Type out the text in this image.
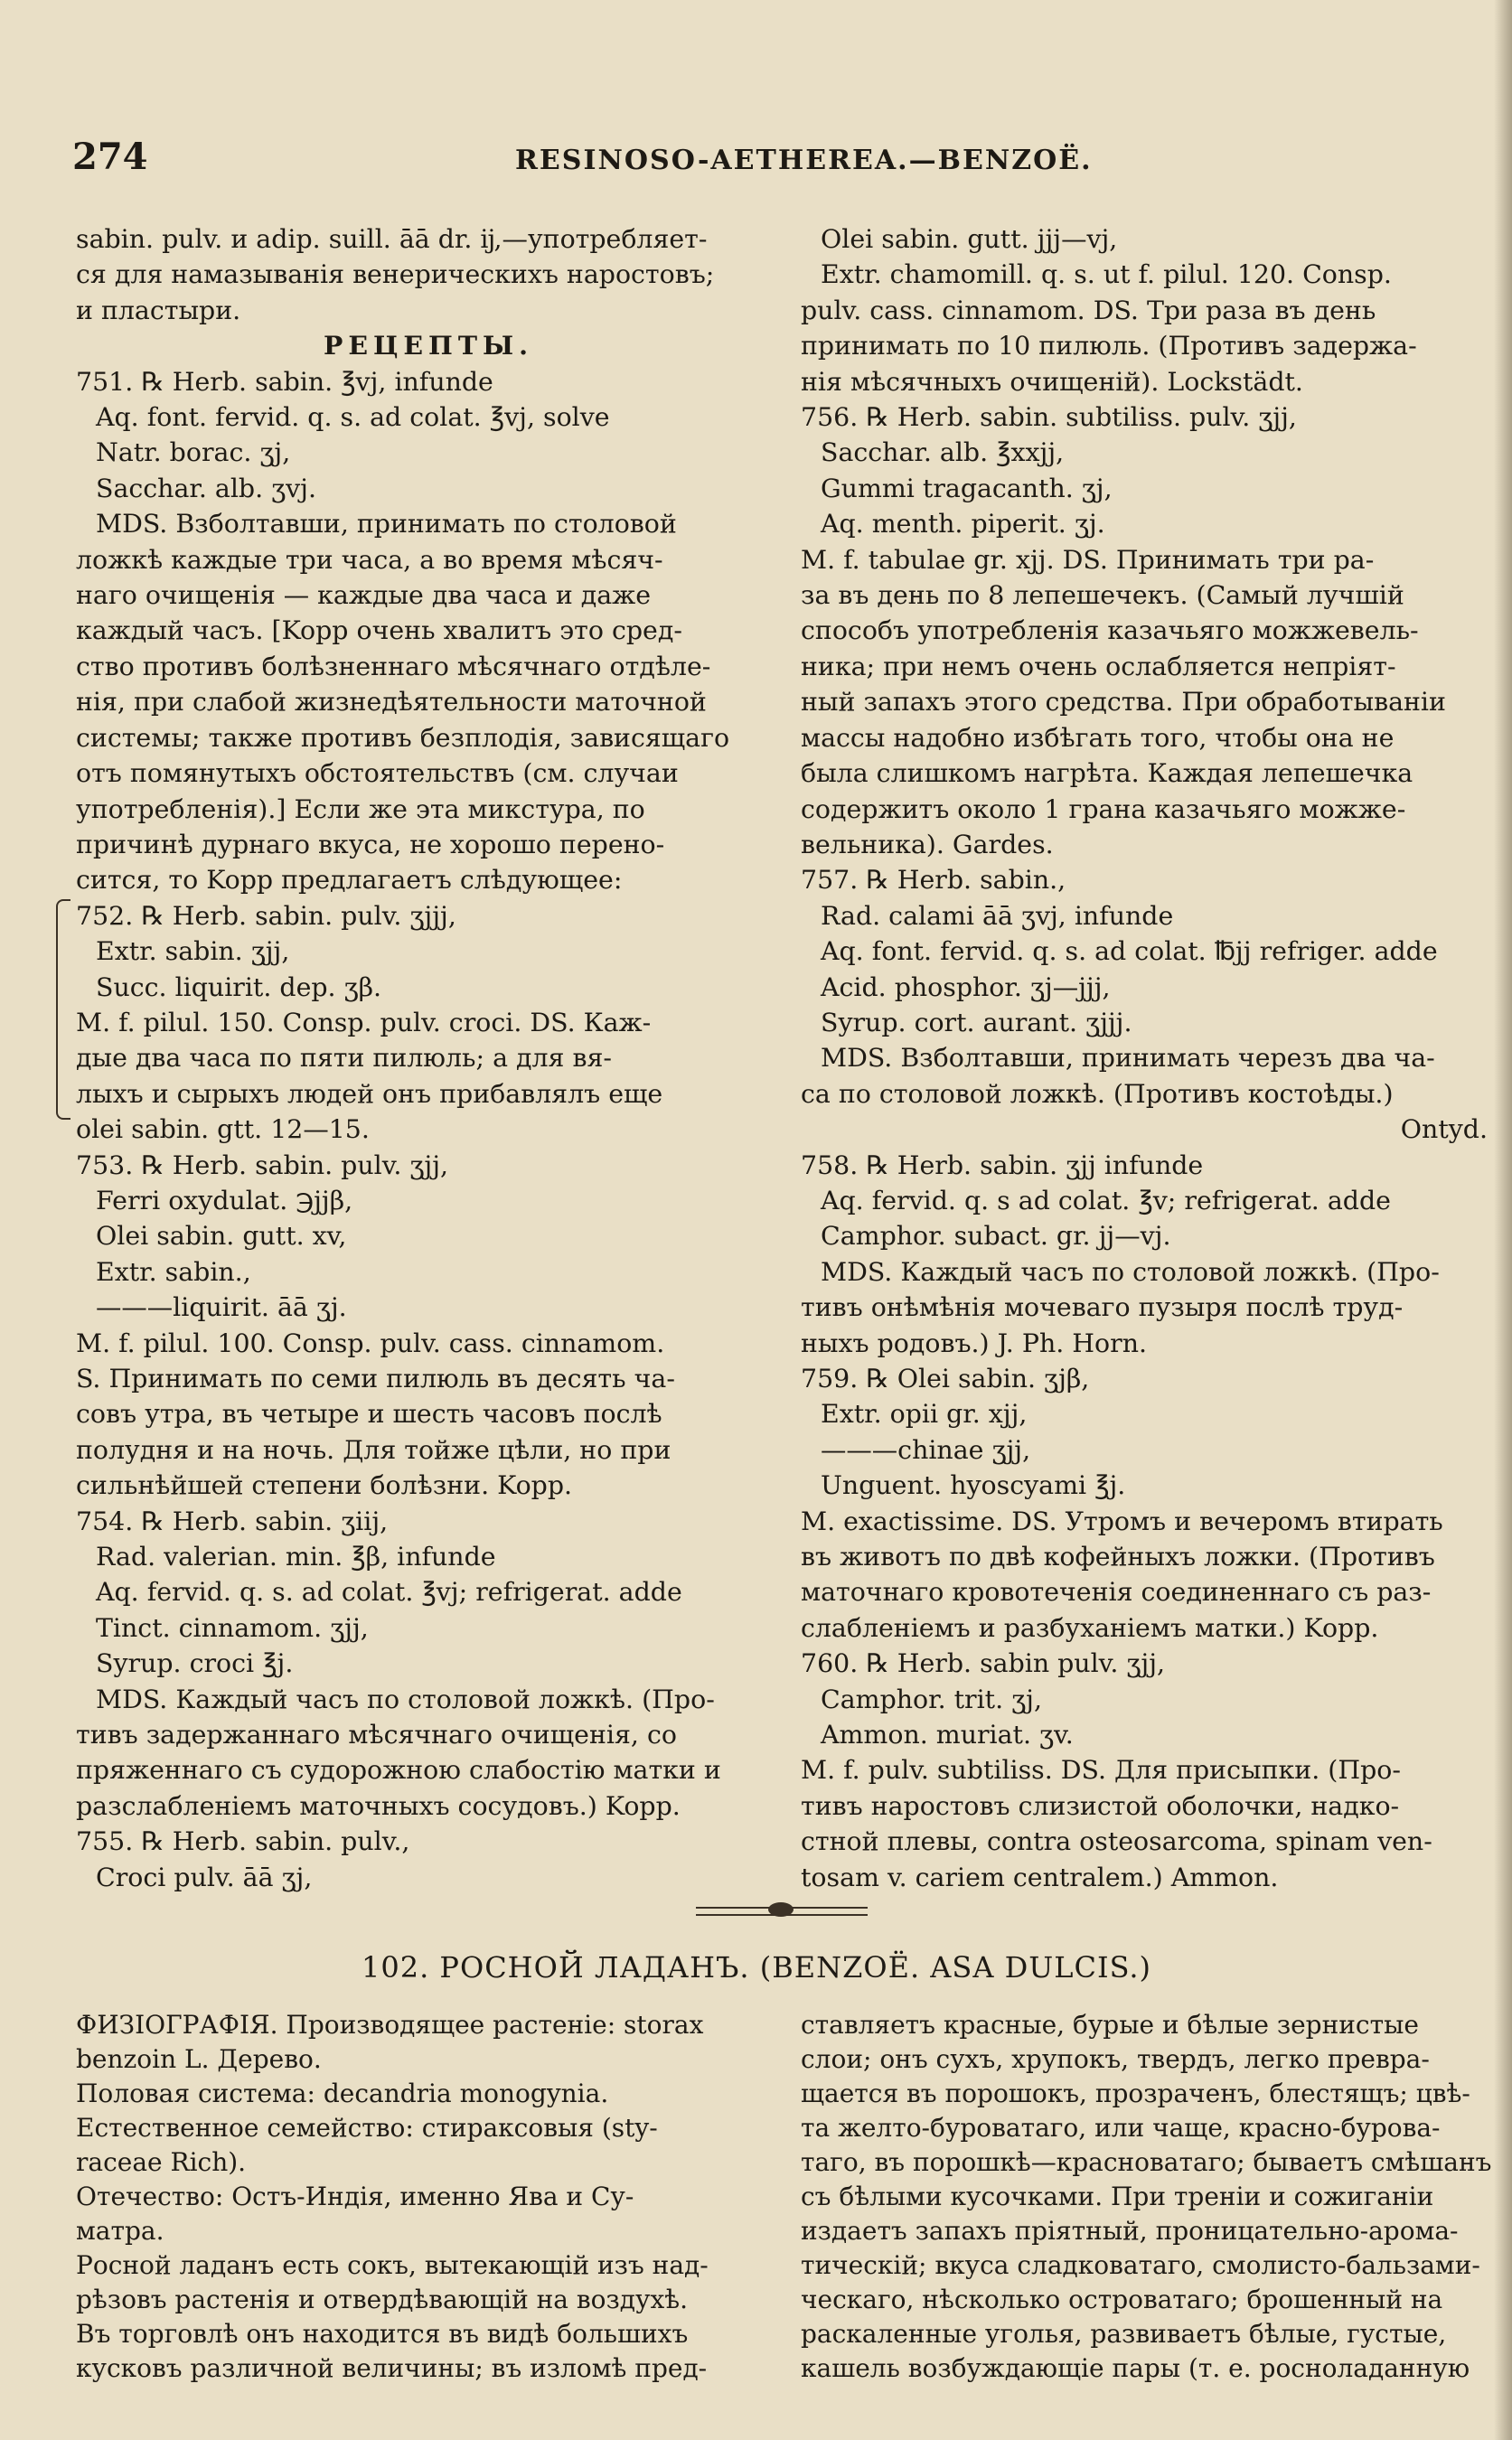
274	RESINOSO-AETHEREA.—BENZOË.

sabin. pulv. и adip. suill. āā dr. ĳ,—употребляет-

ся для намазыванія венерическихъ наростовъ;

и пластыри.

РЕЦЕПТЫ.

751. ℞ Herb. sabin. ℥vj, infunde

Aq. font. fervid. q. s. ad colat. ℥vj, solve

Natr. borac. ʒj,

Sacchar. alb. ʒvj.

MDS. Взболтавши, принимать по столовой

ложкѣ каждые три часа, а во время мѣсяч-

наго очищенія — каждые два часа и даже

каждый часъ. [Kopp очень хвалитъ это сред-

ство противъ болѣзненнаго мѣсячнаго отдѣле-

нія, при слабой жизнедѣятельности маточной

системы; также противъ безплодія, зависящаго

отъ помянутыхъ обстоятельствъ (см. случаи

употребленія).] Если же эта микстура, по

причинѣ дурнаго вкуса, не хорошо перено-

сится, то Kopp предлагаетъ слѣдующее:

752. ℞ Herb. sabin. pulv. ʒjjj,

Extr. sabin. ʒjj,

Succ. liquirit. dep. ʒβ.

M. f. pilul. 150. Consp. pulv. croci. DS. Каж-

дые два часа по пяти пилюль; а для вя-

лыхъ и сырыхъ людей онъ прибавлялъ еще

olei sabin. gtt. 12—15.

753. ℞ Herb. sabin. pulv. ʒjj,

Ferri oxydulat. ℈jjβ,

Olei sabin. gutt. xv,

Extr. sabin.,

———liquirit. āā ʒj.

M. f. pilul. 100. Consp. pulv. cass. cinnamom.

S. Принимать по семи пилюль въ десять ча-

совъ утра, въ четыре и шесть часовъ послѣ

полудня и на ночь. Для тойже цѣли, но при

сильнѣйшей степени болѣзни. Kopp.

754. ℞ Herb. sabin. ʒiij,

Rad. valerian. min. ℥β, infunde

Aq. fervid. q. s. ad colat. ℥vj; refrigerat. adde

Tinct. cinnamom. ʒjj,

Syrup. croci ℥j.

MDS. Каждый часъ по столовой ложкѣ. (Про-

тивъ задержаннаго мѣсячнаго очищенія, со

пряженнаго съ судорожною слабостію матки и

разслабленіемъ маточныхъ сосудовъ.) Kopp.

755. ℞ Herb. sabin. pulv.,

Croci pulv. āā ʒj,

Olei sabin. gutt. jjj—vj,

Extr. chamomill. q. s. ut f. pilul. 120. Consp.

pulv. cass. cinnamom. DS. Три раза въ день

принимать по 10 пилюль. (Противъ задержа-

нія мѣсячныхъ очищеній). Lockstädt.

756. ℞ Herb. sabin. subtiliss. pulv. ʒjj,

Sacchar. alb. ℥xxjj,

Gummi tragacanth. ʒj,

Aq. menth. piperit. ʒj.

M. f. tabulae gr. xjj. DS. Принимать три ра-

за въ день по 8 лепешечекъ. (Самый лучшій

способъ употребленія казачьяго можжевель-

ника; при немъ очень ослабляется непріят-

ный запахъ этого средства. При обработываніи

массы надобно избѣгать того, чтобы она не

была слишкомъ нагрѣта. Каждая лепешечка

содержитъ около 1 грана казачьяго можже-

вельника). Gardes.

757. ℞ Herb. sabin.,

Rad. calami āā ʒvj, infunde

Aq. font. fervid. q. s. ad colat. ℔jj refriger. adde

Acid. phosphor. ʒj—jjj,

Syrup. cort. aurant. ʒjjj.

MDS. Взболтавши, принимать черезъ два ча-

са по столовой ложкѣ. (Противъ костоѣды.)

Ontyd.

758. ℞ Herb. sabin. ʒjj infunde

Aq. fervid. q. s ad colat. ℥v; refrigerat. adde

Camphor. subact. gr. jj—vj.

MDS. Каждый часъ по столовой ложкѣ. (Про-

тивъ онѣмѣнія мочеваго пузыря послѣ труд-

ныхъ родовъ.) J. Ph. Horn.

759. ℞ Olei sabin. ʒjβ,

Extr. opii gr. xjj,

———chinae ʒjj,

Unguent. hyoscyami ℥j.

M. exactissime. DS. Утромъ и вечеромъ втирать

въ животъ по двѣ кофейныхъ ложки. (Противъ

маточнаго кровотеченія соединеннаго съ раз-

слабленіемъ и разбуханіемъ матки.) Kopp.

760. ℞ Herb. sabin pulv. ʒjj,

Camphor. trit. ʒj,

Ammon. muriat. ʒv.

M. f. pulv. subtiliss. DS. Для присыпки. (Про-

тивъ наростовъ слизистой оболочки, надко-

стной плевы, contra osteosarcoma, spinam ven-

tosam v. cariem centralem.) Ammon.

102. РОСНОЙ ЛАДАНЪ. (BENZOË. ASA DULCIS.)

ФИЗІОГРАФІЯ. Производящее растеніе: storax

benzoin L. Дерево.

Половая система: decandria monogynia.

Естественное семейство: стираксовыя (sty-

racеае Rich).

Отечество: Остъ-Индія, именно Ява и Су-

матра.

Росной ладанъ есть сокъ, вытекающій изъ над-

рѣзовъ растенія и отвердѣвающій на воздухѣ.

Въ торговлѣ онъ находится въ видѣ большихъ

кусковъ различной величины; въ изломѣ пред-

ставляетъ красные, бурые и бѣлые зернистые

слои; онъ сухъ, хрупокъ, твердъ, легко превра-

щается въ порошокъ, прозраченъ, блестящъ; цвѣ-

та желто-буроватаго, или чаще, красно-бурова-

таго, въ порошкѣ—красноватаго; бываетъ смѣшанъ

съ бѣлыми кусочками. При треніи и сожиганіи

издаетъ запахъ пріятный, проницательно-арома-

тическій; вкуса сладковатаго, смолисто-бальзами-

ческаго, нѣсколько островатаго; брошенный на

раскаленные уголья, развиваетъ бѣлые, густые,

кашель возбуждающіе пары (т. е. росноладанную
